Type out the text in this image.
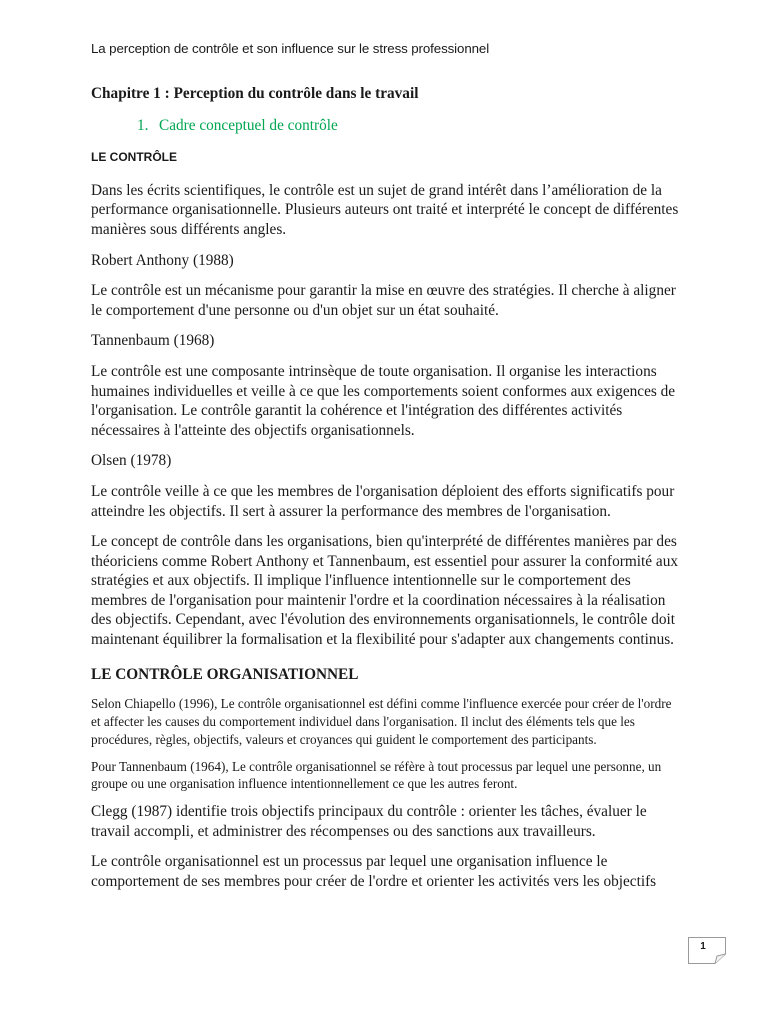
La perception de contrôle et son influence sur le stress professionnel
Chapitre 1 : Perception du contrôle dans le travail
1. Cadre conceptuel de contrôle
LE CONTRÔLE

Dans les écrits scientifiques, le contrôle est un sujet de grand intérêt dans l’amélioration de la performance organisationnelle. Plusieurs auteurs ont traité et interprété le concept de différentes manières sous différents angles.

Robert Anthony (1988)

Le contrôle est un mécanisme pour garantir la mise en œuvre des stratégies. Il cherche à aligner le comportement d'une personne ou d'un objet sur un état souhaité.

Tannenbaum (1968)

Le contrôle est une composante intrinsèque de toute organisation. Il organise les interactions humaines individuelles et veille à ce que les comportements soient conformes aux exigences de l'organisation. Le contrôle garantit la cohérence et l'intégration des différentes activités nécessaires à l'atteinte des objectifs organisationnels.

Olsen (1978)

Le contrôle veille à ce que les membres de l'organisation déploient des efforts significatifs pour atteindre les objectifs. Il sert à assurer la performance des membres de l'organisation.

Le concept de contrôle dans les organisations, bien qu'interprété de différentes manières par des théoriciens comme Robert Anthony et Tannenbaum, est essentiel pour assurer la conformité aux stratégies et aux objectifs. Il implique l'influence intentionnelle sur le comportement des membres de l'organisation pour maintenir l'ordre et la coordination nécessaires à la réalisation des objectifs. Cependant, avec l'évolution des environnements organisationnels, le contrôle doit maintenant équilibrer la formalisation et la flexibilité pour s'adapter aux changements continus.

LE CONTRÔLE ORGANISATIONNEL

Selon Chiapello (1996), Le contrôle organisationnel est défini comme l'influence exercée pour créer de l'ordre et affecter les causes du comportement individuel dans l'organisation. Il inclut des éléments tels que les procédures, règles, objectifs, valeurs et croyances qui guident le comportement des participants.

Pour Tannenbaum (1964), Le contrôle organisationnel se réfère à tout processus par lequel une personne, un groupe ou une organisation influence intentionnellement ce que les autres feront.

Clegg (1987) identifie trois objectifs principaux du contrôle : orienter les tâches, évaluer le travail accompli, et administrer des récompenses ou des sanctions aux travailleurs.

Le contrôle organisationnel est un processus par lequel une organisation influence le comportement de ses membres pour créer de l'ordre et orienter les activités vers les objectifs

1
